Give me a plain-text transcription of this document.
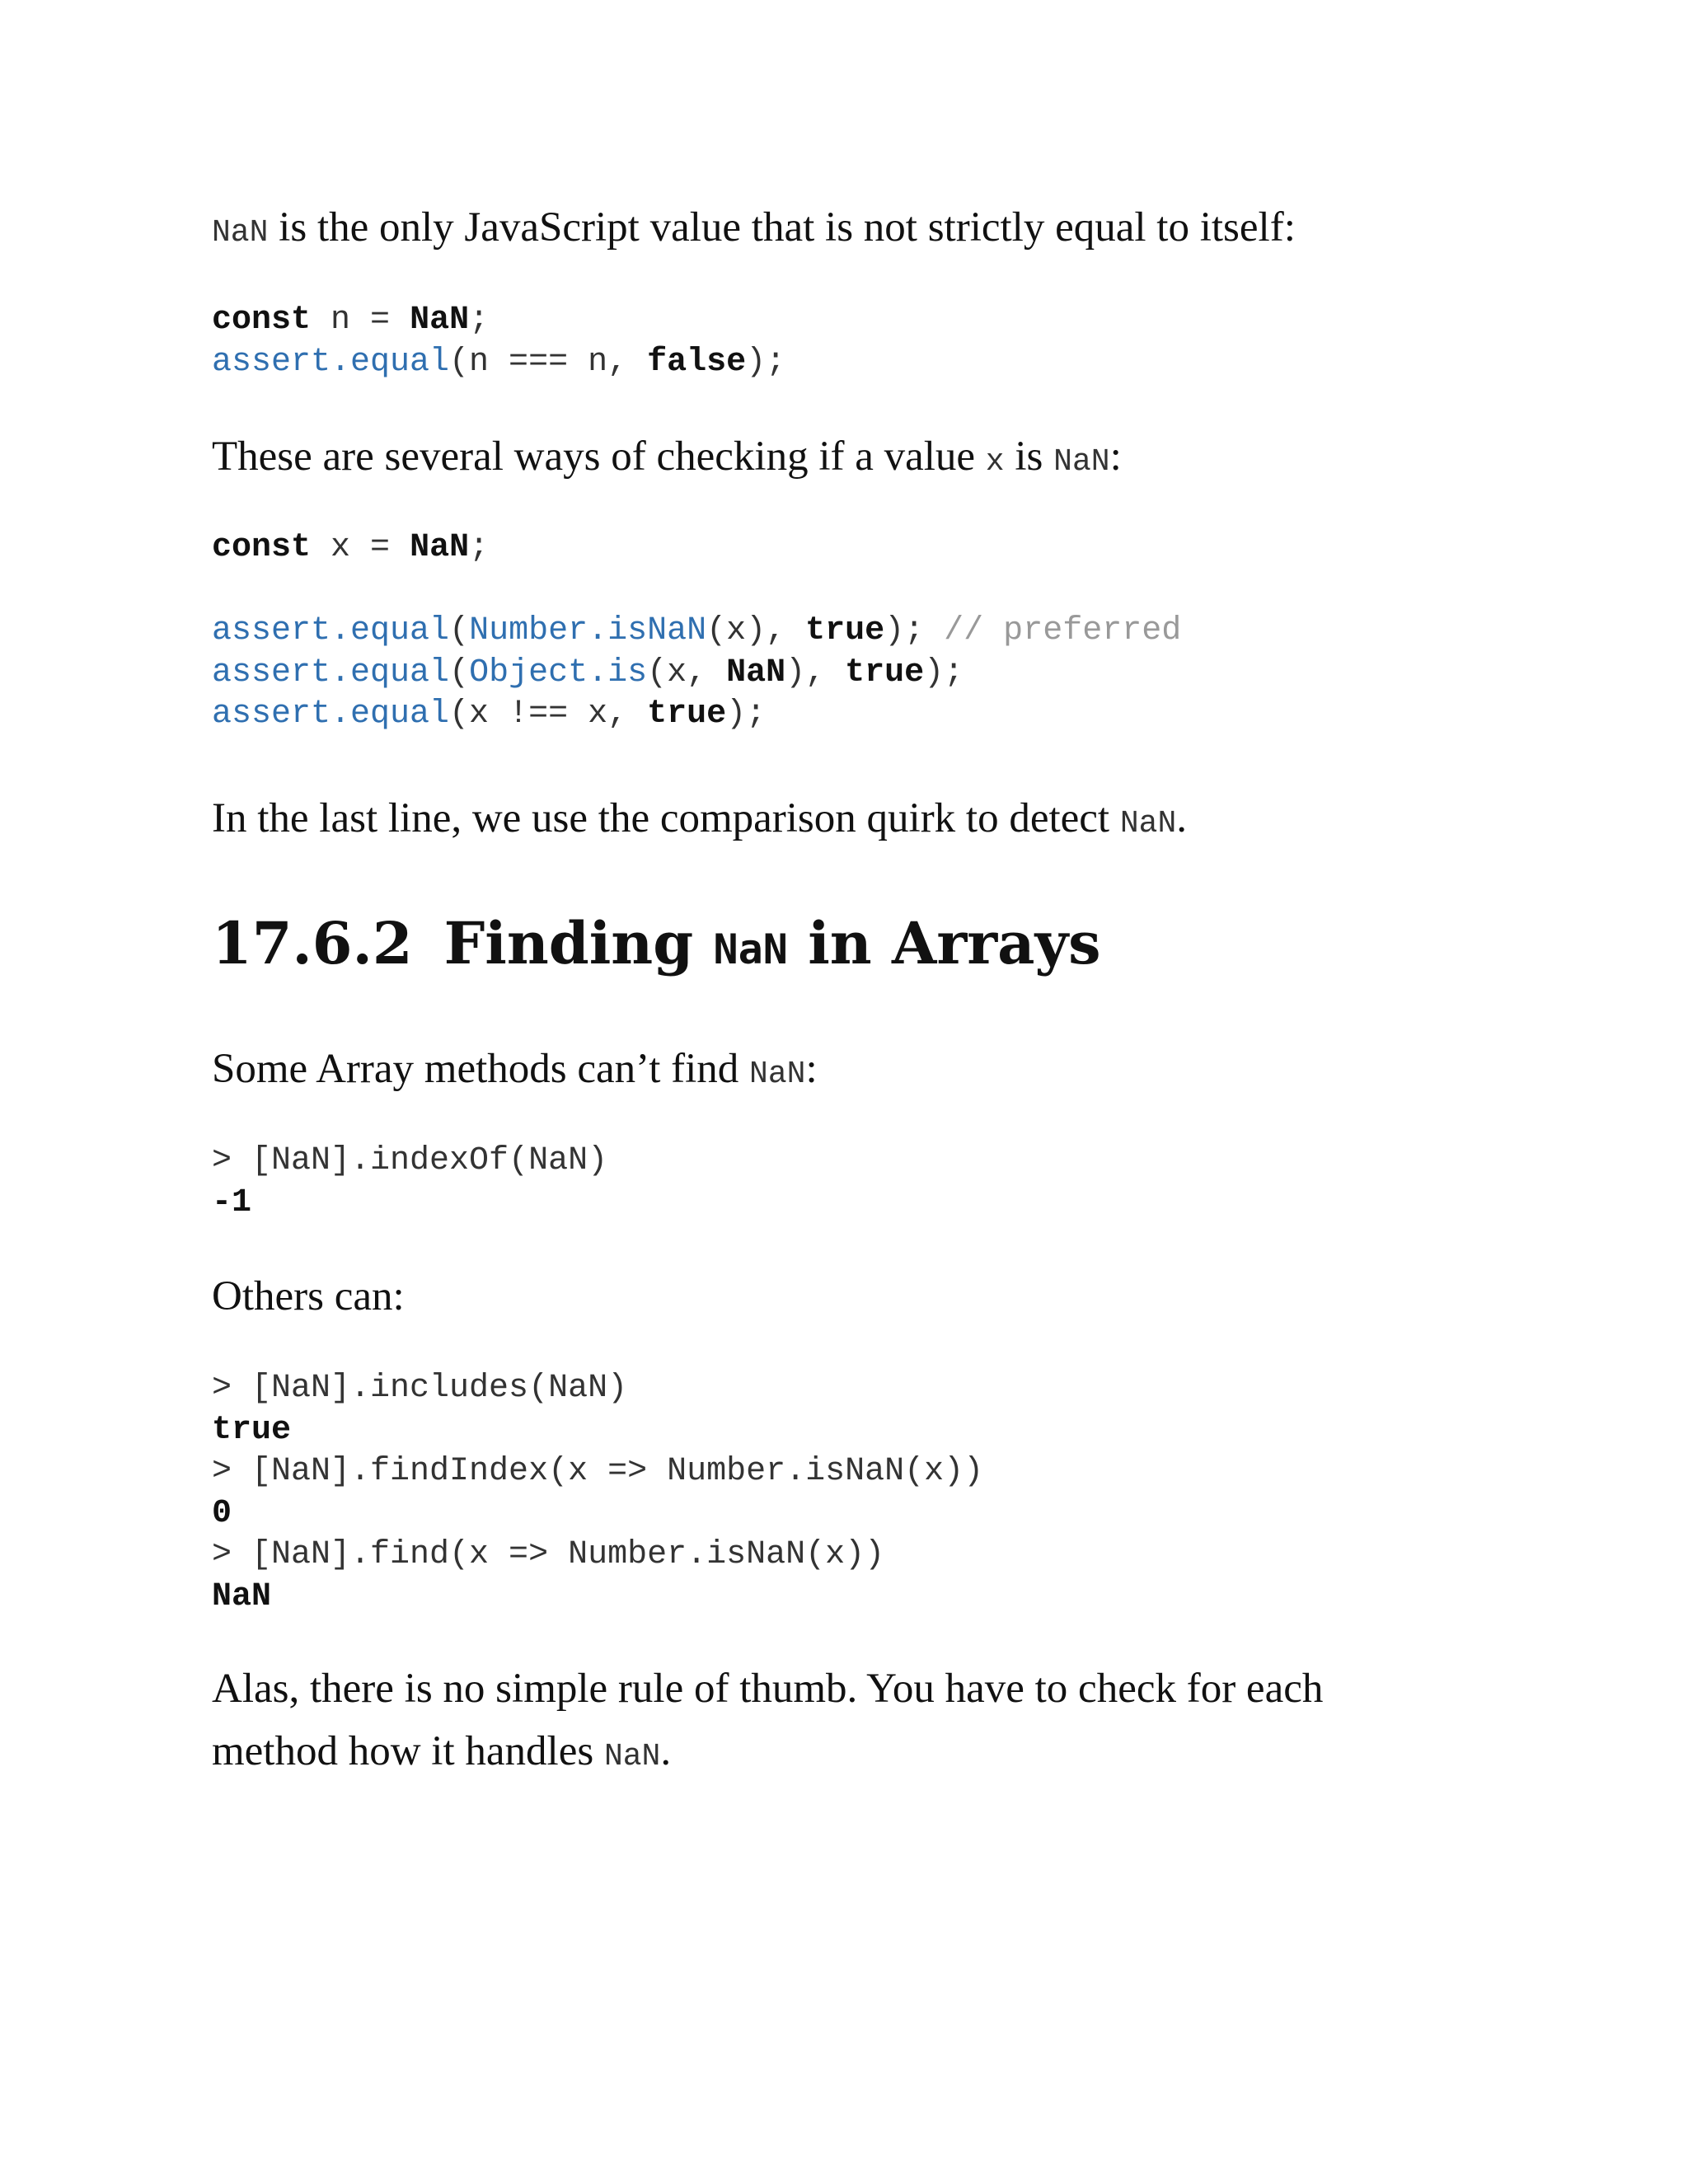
NaN is the only JavaScript value that is not strictly equal to itself:

const n = NaN;
assert.equal(n === n, false);

These are several ways of checking if a value x is NaN:

const x = NaN;

assert.equal(Number.isNaN(x), true); // preferred
assert.equal(Object.is(x, NaN), true);
assert.equal(x !== x, true);

In the last line, we use the comparison quirk to detect NaN.

17.6.2 Finding NaN in Arrays

Some Array methods can’t find NaN:

> [NaN].indexOf(NaN)
-1

Others can:

> [NaN].includes(NaN)
true
> [NaN].findIndex(x => Number.isNaN(x))
0
> [NaN].find(x => Number.isNaN(x))
NaN

Alas, there is no simple rule of thumb. You have to check for each method how it handles NaN.
